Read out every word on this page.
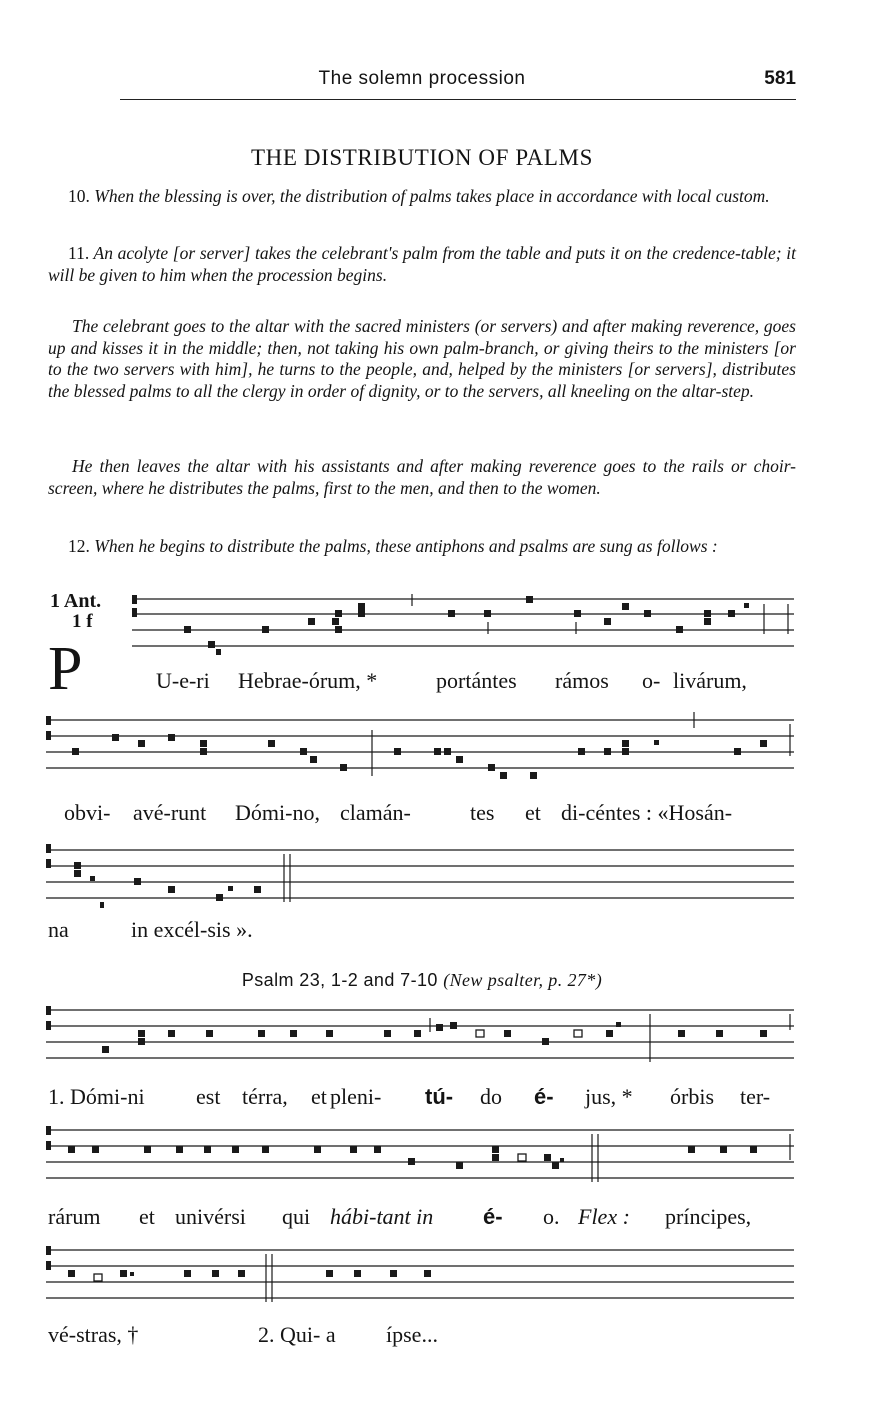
The solemn procession	581
THE DISTRIBUTION OF PALMS
10. When the blessing is over, the distribution of palms takes place in accordance with local custom.
11. An acolyte [or server] takes the celebrant's palm from the table and puts it on the credence-table; it will be given to him when the procession begins.
The celebrant goes to the altar with the sacred ministers (or servers) and after making reverence, goes up and kisses it in the middle; then, not taking his own palm-branch, or giving theirs to the ministers [or to the two servers with him], he turns to the people, and, helped by the ministers [or servers], distributes the blessed palms to all the clergy in order of dignity, or to the servers, all kneeling on the altar-step.
He then leaves the altar with his assistants and after making reverence goes to the rails or choir-screen, where he distributes the palms, first to the men, and then to the women.
12. When he begins to distribute the palms, these antiphons and psalms are sung as follows :
1 Ant.
1 f
P	U-e-ri Hebrae-órum, *	portántes rámos o- livárum,
obvi- avé-runt Dómi-no, clamán-	tes et di-céntes : «Hosán-
na	in excél-sis ».
Psalm 23, 1-2 and 7-10 (New psalter, p. 27*)
1. Dómi-ni est térra, et pleni- tú- do é- jus, * órbis ter-
rárum et univérsi qui hábi-tant in é- o. Flex : príncipes,
vé-stras, †	2. Qui- a ípse...
